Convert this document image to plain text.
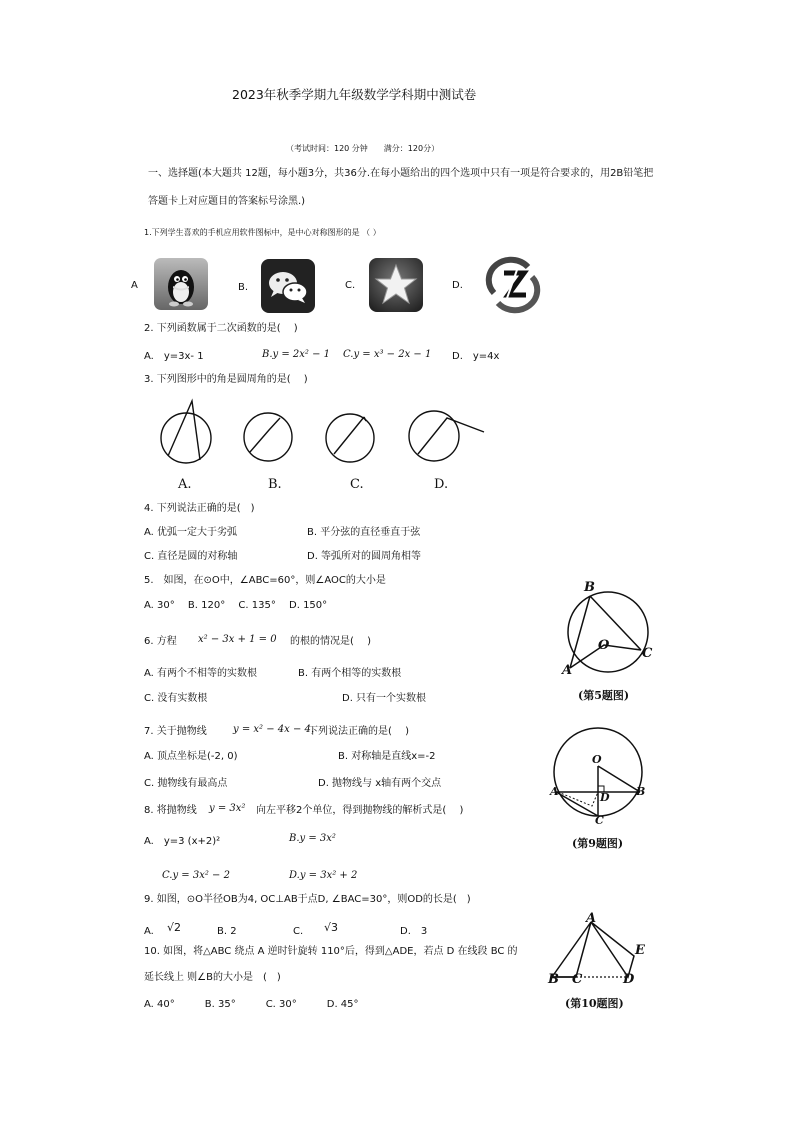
2023年秋季学期九年级数学学科期中测试卷
（考试时间：120 分钟　　满分：120分）
一、选择题(本大题共 12题，每小题3分，共36分.在每小题给出的四个选项中只有一项是符合要求的，用2B铅笔把
答题卡上对应题目的答案标号涂黑.)
1.下列学生喜欢的手机应用软件图标中，是中心对称图形的是 （ ）
A	B.	C.	D.
2. 下列函数属于二次函数的是(　 )
A.　y=3x- 1	B.y = 2x² − 1 C.y = x³ − 2x − 1 D.　y=4x
3. 下列图形中的角是圆周角的是(　 )
A.	B.	C.	D.
4. 下列说法正确的是(　)
A. 优弧一定大于劣弧	B. 平分弦的直径垂直于弦
C. 直径是圆的对称轴	D. 等弧所对的圆周角相等
5.　如图，在⊙O中，∠ABC=60°，则∠AOC的大小是
A. 30°　 B. 120°　 C. 135°　 D. 150°
B
A
O
C
(第5题图)
6. 方程 x² − 3x + 1 = 0 的根的情况是(　 )
A. 有两个不相等的实数根	B. 有两个相等的实数根
C. 没有实数根	D. 只有一个实数根
7. 关于抛物线	y = x² − 4x − 4，
下列说法正确的是(　 )
A. 顶点坐标是(-2, 0)	B. 对称轴是直线x=-2
C. 抛物线有最高点	D. 抛物线与 x轴有两个交点
O
A	D B
C
(第9题图)
8. 将抛物线 y = 3x² 向左平移2个单位，得到抛物线的解析式是(　 )
A.　y=3 (x+2)²	B.y = 3x²
C.y = 3x² − 2	D.y = 3x² + 2
9. 如图，⊙O半径OB为4, OC⊥AB于点D, ∠BAC=30°，则OD的长是(　)
A. √2	B. 2	C. √3	D.　3
10. 如图，将△ABC 绕点 A 逆时针旋转 110°后，得到△ADE，若点 D 在线段 BC 的
延长线上 则∠B的大小是　(　)
A. 40°　　　B. 35°　　　C. 30°　　　D. 45°
A
E
B C	D
(第10题图)
